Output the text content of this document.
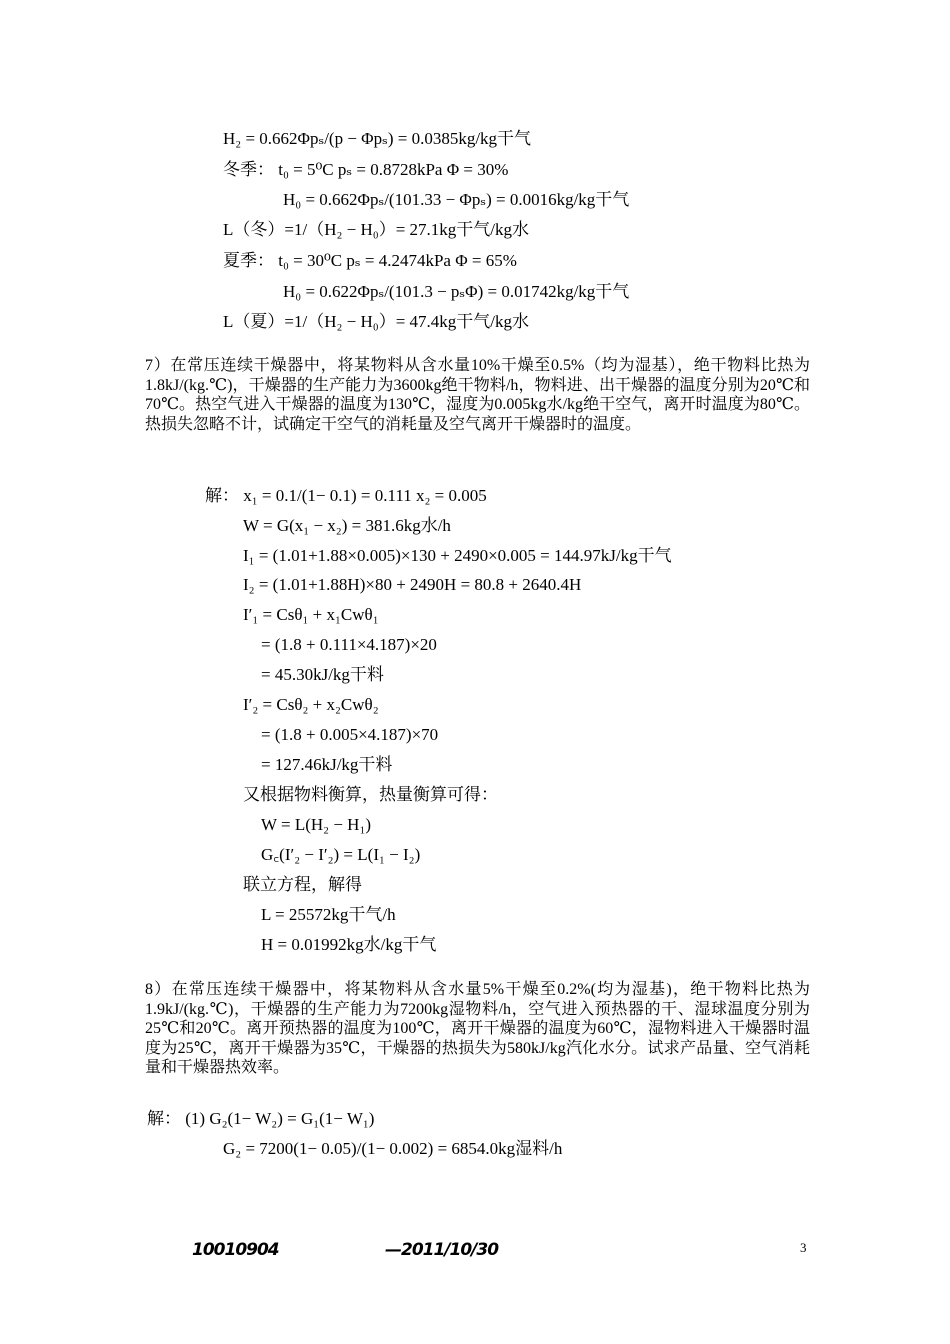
H₂ = 0.662Φpₛ/(p − Φpₛ) = 0.0385kg/kg干气
冬季： t₀ = 5⁰C pₛ = 0.8728kPa Φ = 30%
H₀ = 0.662Φpₛ/(101.33 − Φpₛ) = 0.0016kg/kg干气
L（冬）=1/（H₂ − H₀）= 27.1kg干气/kg水
夏季： t₀ = 30⁰C pₛ = 4.2474kPa Φ = 65%
H₀ = 0.622Φpₛ/(101.3 − pₛΦ) = 0.01742kg/kg干气
L（夏）=1/（H₂ − H₀）= 47.4kg干气/kg水
7）在常压连续干燥器中，将某物料从含水量10%干燥至0.5%（均为湿基），绝干物料比热为1.8kJ/(kg.℃)，干燥器的生产能力为3600kg绝干物料/h，物料进、出干燥器的温度分别为20℃和70℃。热空气进入干燥器的温度为130℃，湿度为0.005kg水/kg绝干空气，离开时温度为80℃。热损失忽略不计，试确定干空气的消耗量及空气离开干燥器时的温度。
解： x₁ = 0.1/(1− 0.1) = 0.111 x₂ = 0.005
W = G(x₁ − x₂) = 381.6kg水/h
I₁ = (1.01+1.88×0.005)×130 + 2490×0.005 = 144.97kJ/kg干气
I₂ = (1.01+1.88H)×80 + 2490H = 80.8 + 2640.4H
I′₁ = Csθ₁ + x₁Cwθ₁
= (1.8 + 0.111×4.187)×20
= 45.30kJ/kg干料
I′₂ = Csθ₂ + x₂Cwθ₂
= (1.8 + 0.005×4.187)×70
= 127.46kJ/kg干料
又根据物料衡算，热量衡算可得：
W = L(H₂ − H₁)
G꜀(I′₂ − I′₂) = L(I₁ − I₂)
联立方程，解得
L = 25572kg干气/h
H = 0.01992kg水/kg干气
8）在常压连续干燥器中，将某物料从含水量5%干燥至0.2%(均为湿基)，绝干物料比热为1.9kJ/(kg.℃)，干燥器的生产能力为7200kg湿物料/h，空气进入预热器的干、湿球温度分别为25℃和20℃。离开预热器的温度为100℃，离开干燥器的温度为60℃，湿物料进入干燥器时温度为25℃，离开干燥器为35℃，干燥器的热损失为580kJ/kg汽化水分。试求产品量、空气消耗量和干燥器热效率。
解： (1) G₂(1− W₂) = G₁(1− W₁)
G₂ = 7200(1− 0.05)/(1− 0.002) = 6854.0kg湿料/h
10010904	—2011/10/30	3
